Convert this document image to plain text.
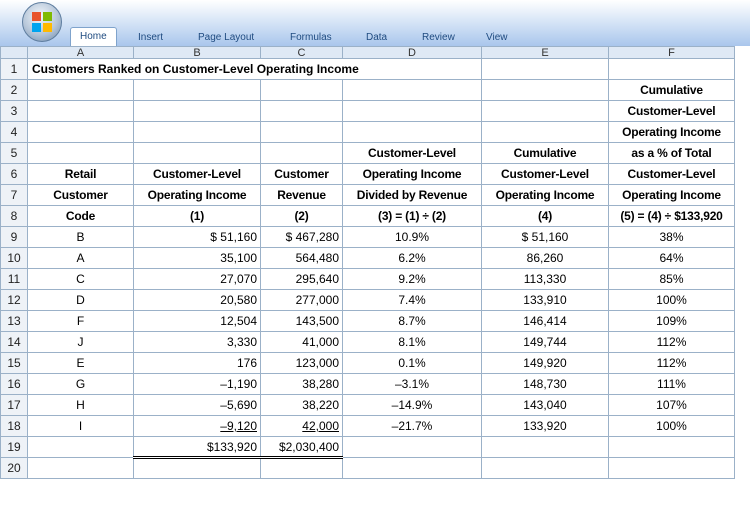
Home	Insert	Page Layout	Formulas	Data	Review	View
	A	B	C	D	E	F
1	Customers Ranked on Customer-Level Operating Income					

2						Cumulative
3						Customer-Level
4						Operating Income
5				Customer-Level	Cumulative	as a % of Total
6	Retail	Customer-Level	Customer	Operating Income	Customer-Level	Customer-Level
7	Customer	Operating Income	Revenue	Divided by Revenue	Operating Income	Operating Income
8	Code	(1)	(2)	(3) = (1) ÷ (2)	(4)	(5) = (4) ÷ $133,920
9	B	$ 51,160	$ 467,280	10.9%	$ 51,160	38%
10	A	35,100	564,480	6.2%	86,260	64%
11	C	27,070	295,640	9.2%	113,330	85%
12	D	20,580	277,000	7.4%	133,910	100%
13	F	12,504	143,500	8.7%	146,414	109%
14	J	3,330	41,000	8.1%	149,744	112%
15	E	176	123,000	0.1%	149,920	112%
16	G	–1,190	38,280	–3.1%	148,730	111%
17	H	–5,690	38,220	–14.9%	143,040	107%
18	I	–9,120	42,000	–21.7%	133,920	100%
19		$133,920	$2,030,400			
20						
